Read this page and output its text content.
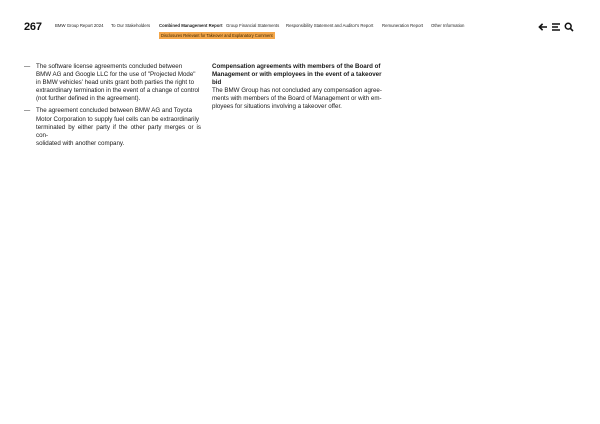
267	BMW Group Report 2024 To Our Stakeholders Combined Management Report Group Financial Statements Responsibility Statement and Auditor's Report Remuneration Report Other Information
Disclosures Relevant for Takeover and Explanatory Comment
— The software license agreements concluded between
BMW AG and Google LLC for the use of "Projected Mode"
in BMW vehicles' head units grant both parties the right to
extraordinary termination in the event of a change of control
(not further defined in the agreement).
— The agreement concluded between BMW AG and Toyota
Motor Corporation to supply fuel cells can be extraordinarily
terminated by either party if the other party merges or is con-
solidated with another company.
Compensation agreements with members of the Board of
Management or with employees in the event of a takeover
bid
The BMW Group has not concluded any compensation agree-
ments with members of the Board of Management or with em-
ployees for situations involving a takeover offer.
